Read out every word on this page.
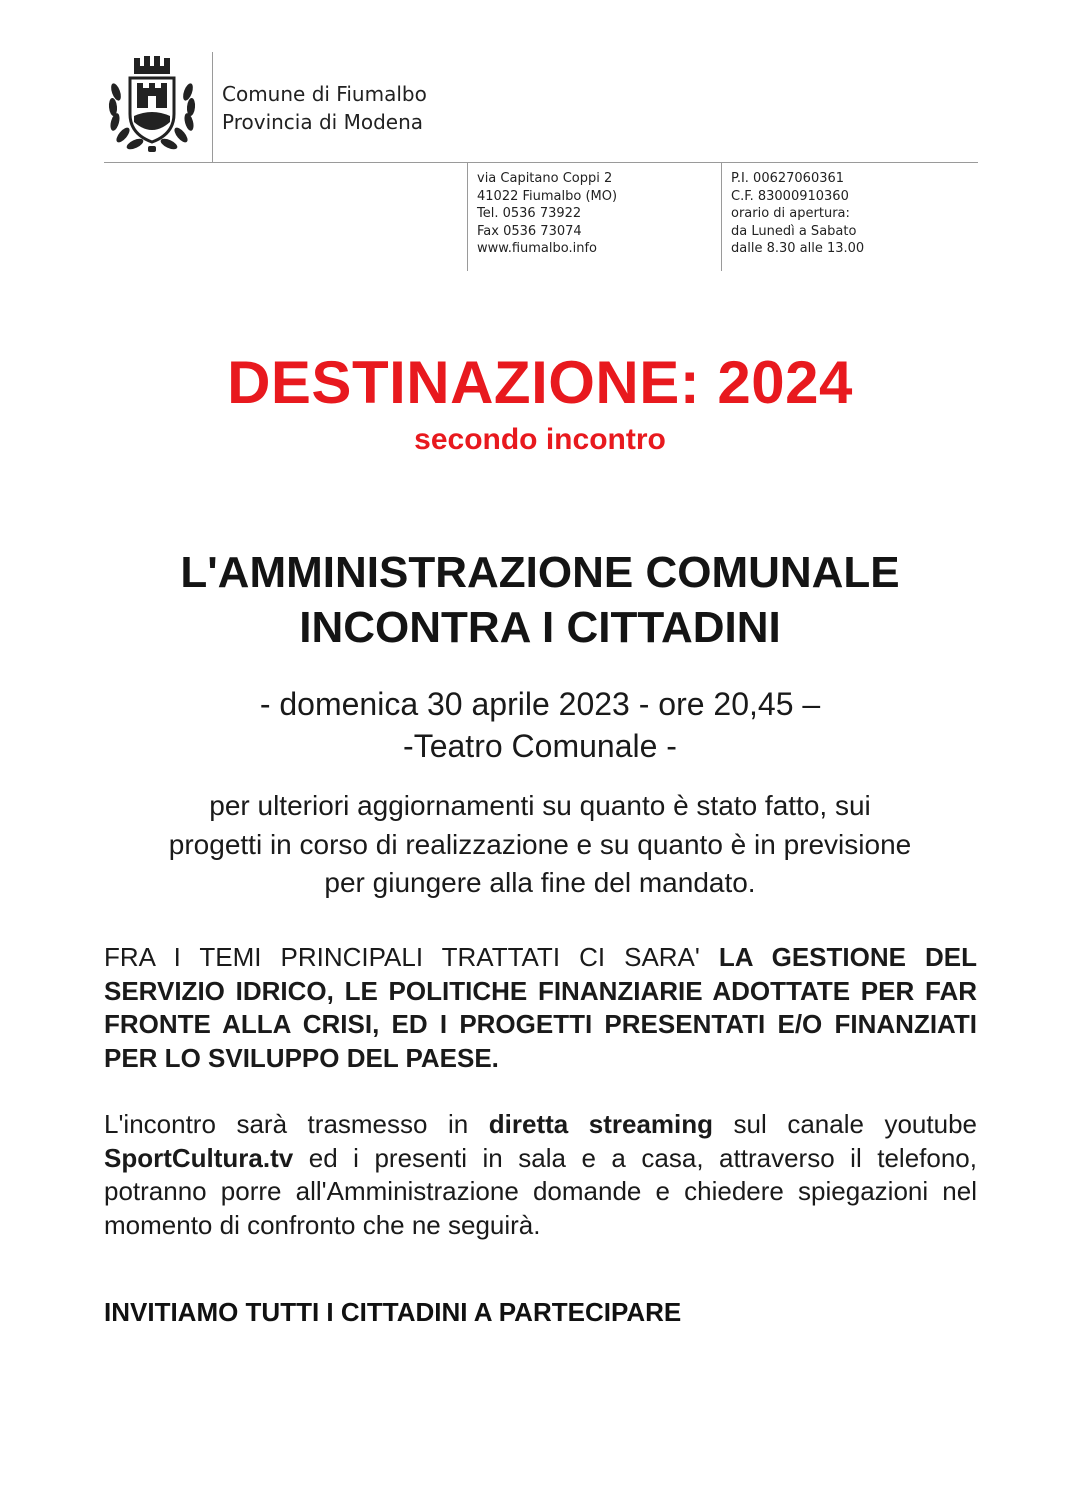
Comune di Fiumalbo
Provincia di Modena
via Capitano Coppi 2
41022 Fiumalbo (MO)
Tel. 0536 73922
Fax 0536 73074
www.fiumalbo.info
P.I. 00627060361
C.F. 83000910360
orario di apertura:
da Lunedì a Sabato
dalle 8.30 alle 13.00
DESTINAZIONE: 2024
secondo incontro
L'AMMINISTRAZIONE COMUNALE
INCONTRA I CITTADINI
- domenica 30 aprile 2023 - ore 20,45 –
-Teatro Comunale -
per ulteriori aggiornamenti su quanto è stato fatto, sui
progetti in corso di realizzazione e su quanto è in previsione
per giungere alla fine del mandato.
FRA I TEMI PRINCIPALI TRATTATI CI SARA' LA GESTIONE DEL SERVIZIO IDRICO, LE POLITICHE FINANZIARIE ADOTTATE PER FAR FRONTE ALLA CRISI, ED I PROGETTI PRESENTATI E/O FINANZIATI PER LO SVILUPPO DEL PAESE.
L'incontro sarà trasmesso in diretta streaming sul canale youtube SportCultura.tv ed i presenti in sala e a casa, attraverso il telefono, potranno porre all'Amministrazione domande e chiedere spiegazioni nel momento di confronto che ne seguirà.
INVITIAMO TUTTI I CITTADINI A PARTECIPARE
